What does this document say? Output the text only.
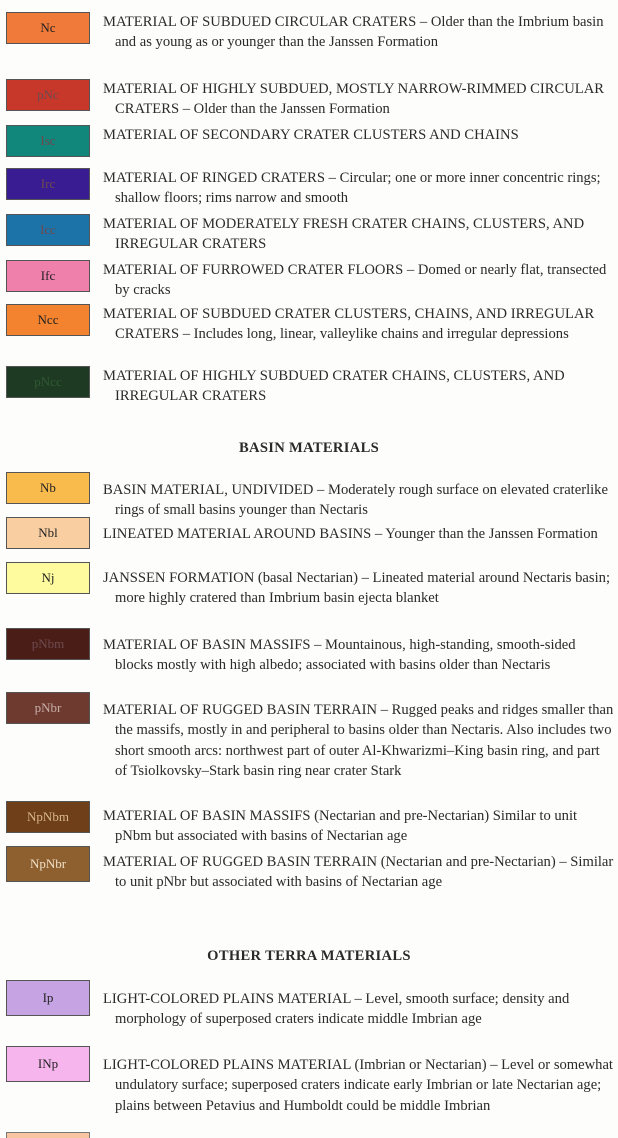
Nc	MATERIAL OF SUBDUED CIRCULAR CRATERS – Older than the Imbrium basin and as young as or younger than the Janssen Formation
pNc	MATERIAL OF HIGHLY SUBDUED, MOSTLY NARROW-RIMMED CIRCULAR CRATERS – Older than the Janssen Formation
Isc	MATERIAL OF SECONDARY CRATER CLUSTERS AND CHAINS
Irc	MATERIAL OF RINGED CRATERS – Circular; one or more inner concentric rings; shallow floors; rims narrow and smooth
Icc	MATERIAL OF MODERATELY FRESH CRATER CHAINS, CLUSTERS, AND IRREGULAR CRATERS
Ifc	MATERIAL OF FURROWED CRATER FLOORS – Domed or nearly flat, transected by cracks
Ncc	MATERIAL OF SUBDUED CRATER CLUSTERS, CHAINS, AND IRREGULAR CRATERS – Includes long, linear, valleylike chains and irregular depressions
pNcc	MATERIAL OF HIGHLY SUBDUED CRATER CHAINS, CLUSTERS, AND IRREGULAR CRATERS
BASIN MATERIALS
Nb	BASIN MATERIAL, UNDIVIDED – Moderately rough surface on elevated craterlike rings of small basins younger than Nectaris
Nbl	LINEATED MATERIAL AROUND BASINS – Younger than the Janssen Formation
Nj	JANSSEN FORMATION (basal Nectarian) – Lineated material around Nectaris basin; more highly cratered than Imbrium basin ejecta blanket
pNbm	MATERIAL OF BASIN MASSIFS – Mountainous, high-standing, smooth-sided blocks mostly with high albedo; associated with basins older than Nectaris
pNbr	MATERIAL OF RUGGED BASIN TERRAIN – Rugged peaks and ridges smaller than the massifs, mostly in and peripheral to basins older than Nectaris. Also includes two short smooth arcs: northwest part of outer Al-Khwarizmi–King basin ring, and part of Tsiolkovsky–Stark basin ring near crater Stark
NpNbm	MATERIAL OF BASIN MASSIFS (Nectarian and pre-Nectarian) Similar to unit pNbm but associated with basins of Nectarian age
NpNbr	MATERIAL OF RUGGED BASIN TERRAIN (Nectarian and pre-Nectarian) – Similar to unit pNbr but associated with basins of Nectarian age
OTHER TERRA MATERIALS
Ip	LIGHT-COLORED PLAINS MATERIAL – Level, smooth surface; density and morphology of superposed craters indicate middle Imbrian age
INp	LIGHT-COLORED PLAINS MATERIAL (Imbrian or Nectarian) – Level or somewhat undulatory surface; superposed craters indicate early Imbrian or late Nectarian age; plains between Petavius and Humboldt could be middle Imbrian
